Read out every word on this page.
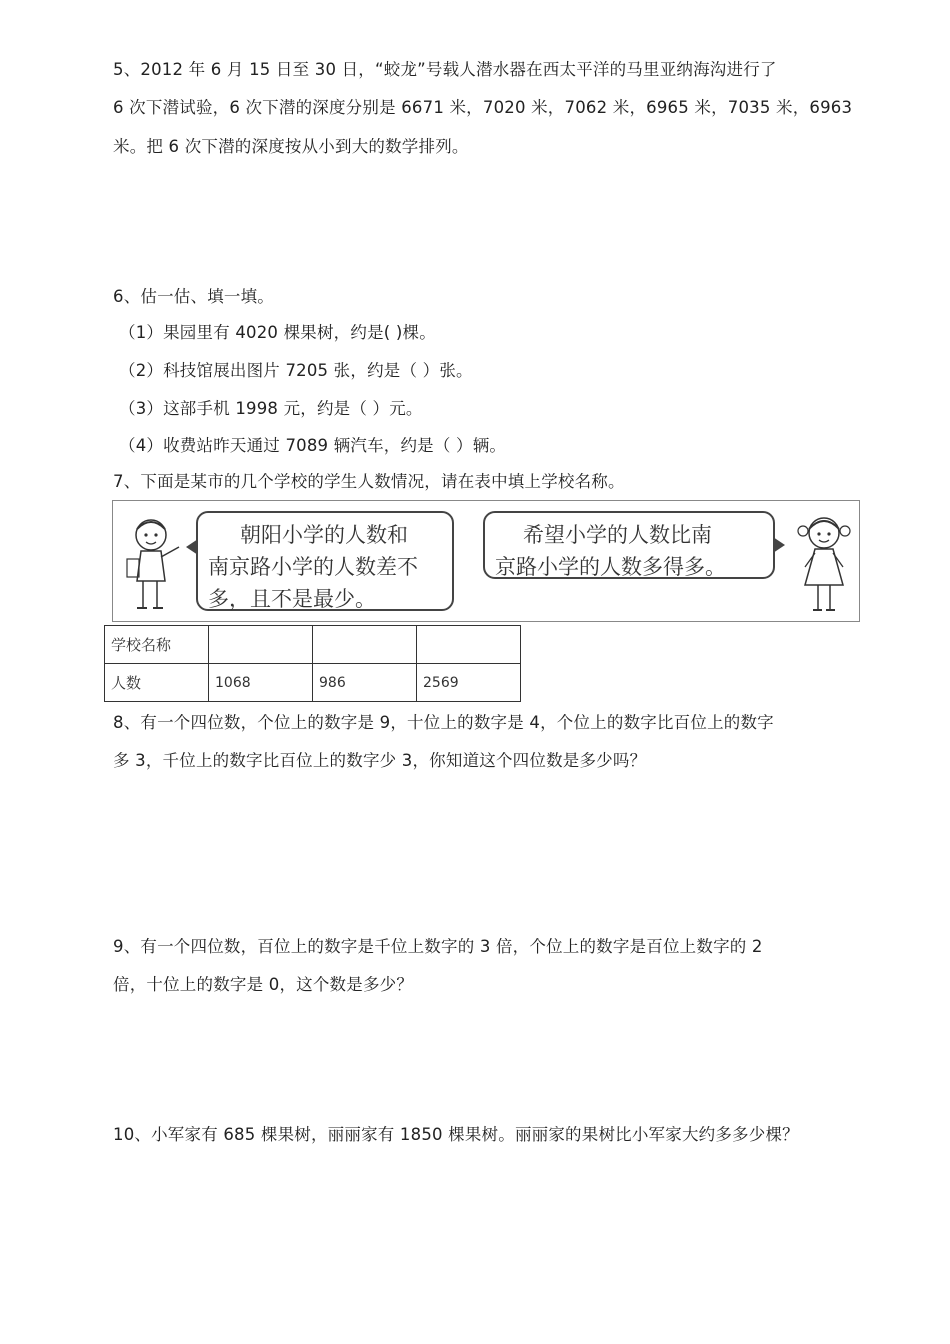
5、2012 年 6 月 15 日至 30 日，“蛟龙”号载人潜水器在西太平洋的马里亚纳海沟进行了
6 次下潜试验，6 次下潜的深度分别是 6671 米，7020 米，7062 米，6965 米，7035 米，6963
米。把 6 次下潜的深度按从小到大的数学排列。
6、估一估、填一填。
（1）果园里有 4020 棵果树，约是( )棵。
（2）科技馆展出图片 7205 张，约是（ ）张。
（3）这部手机 1998 元，约是（ ）元。
（4）收费站昨天通过 7089 辆汽车，约是（ ）辆。
7、下面是某市的几个学校的学生人数情况，请在表中填上学校名称。
朝阳小学的人数和
南京路小学的人数差不
多，且不是最少。
希望小学的人数比南
京路小学的人数多得多。
学校名称			
人数	1068	986	2569
8、有一个四位数，个位上的数字是 9，十位上的数字是 4，个位上的数字比百位上的数字
多 3，千位上的数字比百位上的数字少 3，你知道这个四位数是多少吗？
9、有一个四位数，百位上的数字是千位上数字的 3 倍，个位上的数字是百位上数字的 2
倍，十位上的数字是 0，这个数是多少？
10、小军家有 685 棵果树，丽丽家有 1850 棵果树。丽丽家的果树比小军家大约多多少棵？
